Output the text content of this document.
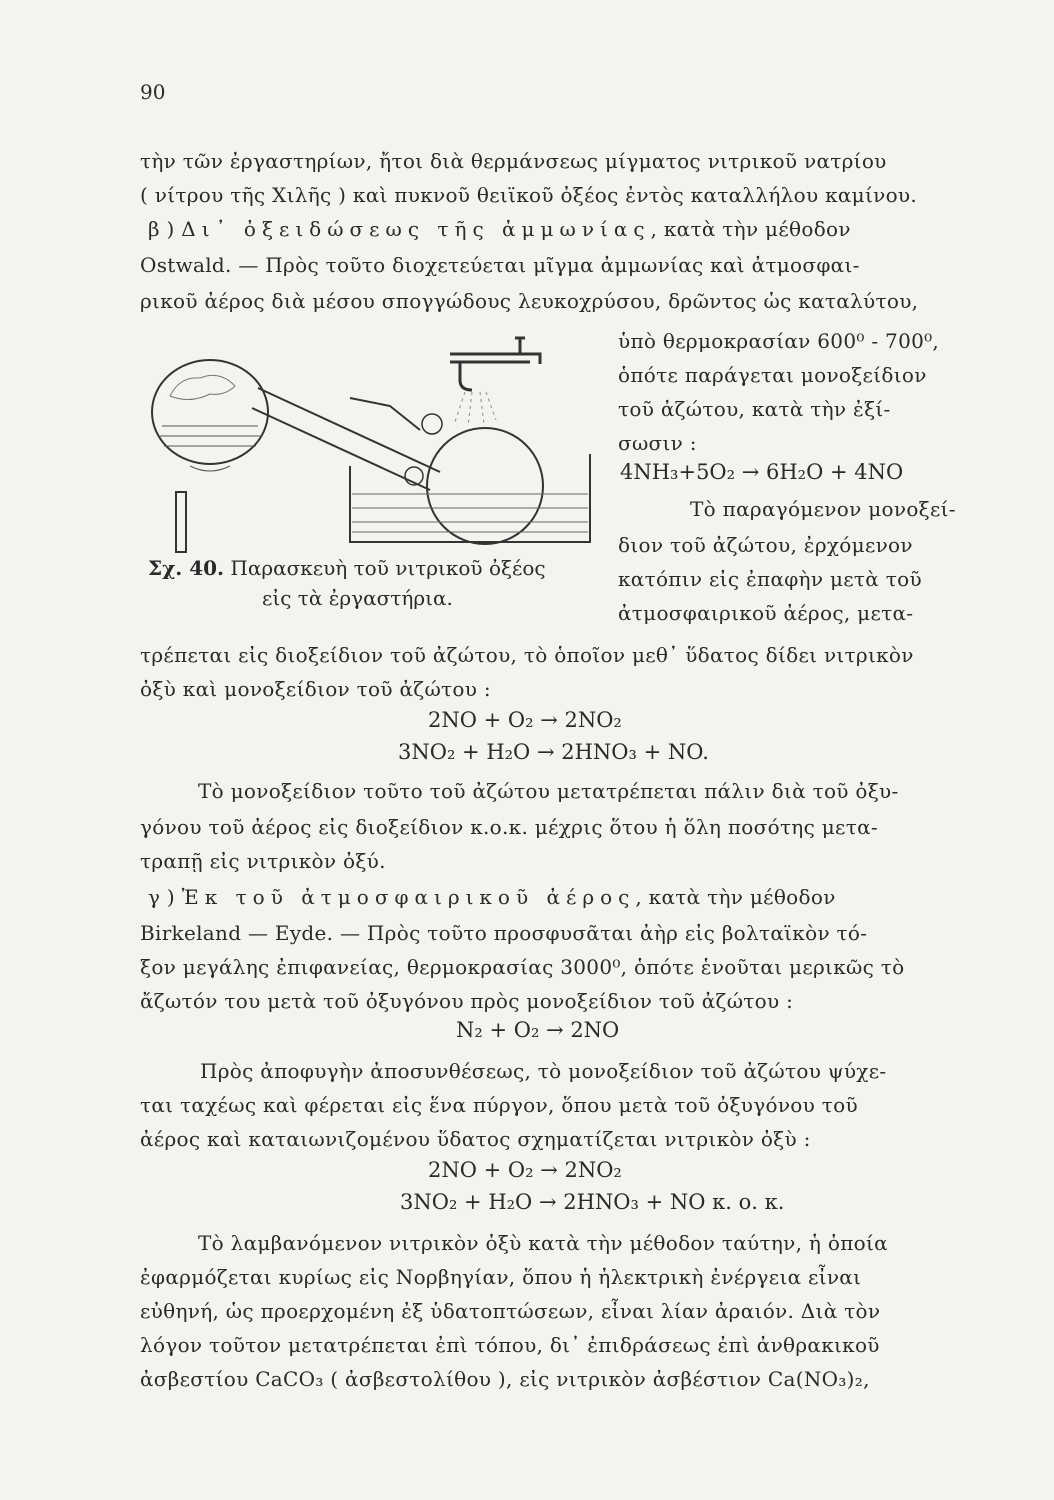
90
τὴν τῶν ἐργαστηρίων, ἤτοι διὰ θερμάνσεως μίγματος νιτρικοῦ νατρίου
( νίτρου τῆς Χιλῆς ) καὶ πυκνοῦ θειϊκοῦ ὀξέος ἐντὸς καταλλήλου καμίνου.
β ) Δι᾽ ὀξειδώσεως τῆς ἀμμωνίας, κατὰ τὴν μέθοδον
Ostwald. — Πρὸς τοῦτο διοχετεύεται μῖγμα ἀμμωνίας καὶ ἀτμοσφαι-
ρικοῦ ἀέρος διὰ μέσου σπογγώδους λευκοχρύσου, δρῶντος ὡς καταλύτου,
ὑπὸ θερμοκρασίαν 600⁰ - 700⁰,
ὁπότε παράγεται μονοξείδιον
τοῦ ἀζώτου, κατὰ τὴν ἐξί-
σωσιν :
4NH₃+5O₂ → 6H₂O + 4NO
Τὸ παραγόμενον μονοξεί-
διον τοῦ ἀζώτου, ἐρχόμενον
κατόπιν εἰς ἐπαφὴν μετὰ τοῦ
ἀτμοσφαιρικοῦ ἀέρος, μετα-
Σχ. 40. Παρασκευὴ τοῦ νιτρικοῦ ὀξέος
εἰς τὰ ἐργαστήρια.
τρέπεται εἰς διοξείδιον τοῦ ἀζώτου, τὸ ὁποῖον μεθ᾽ ὕδατος δίδει νιτρικὸν
ὀξὺ καὶ μονοξείδιον τοῦ ἀζώτου :
2NO + O₂ → 2NO₂
3NO₂ + H₂O → 2HNO₃ + NO.
Τὸ μονοξείδιον τοῦτο τοῦ ἀζώτου μετατρέπεται πάλιν διὰ τοῦ ὀξυ-
γόνου τοῦ ἀέρος εἰς διοξείδιον κ.ο.κ. μέχρις ὅτου ἡ ὅλη ποσότης μετα-
τραπῇ εἰς νιτρικὸν ὀξύ.
γ ) Ἐκ τοῦ ἀτμοσφαιρικοῦ ἀέρος, κατὰ τὴν μέθοδον
Birkeland — Eyde. — Πρὸς τοῦτο προσφυσᾶται ἀὴρ εἰς βολταϊκὸν τό-
ξον μεγάλης ἐπιφανείας, θερμοκρασίας 3000⁰, ὁπότε ἑνοῦται μερικῶς τὸ
ἄζωτόν του μετὰ τοῦ ὀξυγόνου πρὸς μονοξείδιον τοῦ ἀζώτου :
N₂ + O₂ → 2NO
Πρὸς ἀποφυγὴν ἀποσυνθέσεως, τὸ μονοξείδιον τοῦ ἀζώτου ψύχε-
ται ταχέως καὶ φέρεται εἰς ἕνα πύργον, ὅπου μετὰ τοῦ ὀξυγόνου τοῦ
ἀέρος καὶ καταιωνιζομένου ὕδατος σχηματίζεται νιτρικὸν ὀξὺ :
2NO + O₂ → 2NO₂
3NO₂ + H₂O → 2HNO₃ + NO κ. ο. κ.
Τὸ λαμβανόμενον νιτρικὸν ὀξὺ κατὰ τὴν μέθοδον ταύτην, ἡ ὁποία
ἐφαρμόζεται κυρίως εἰς Νορβηγίαν, ὅπου ἡ ἠλεκτρικὴ ἐνέργεια εἶναι
εὐθηνή, ὡς προερχομένη ἐξ ὑδατοπτώσεων, εἶναι λίαν ἀραιόν. Διὰ τὸν
λόγον τοῦτον μετατρέπεται ἐπὶ τόπου, δι᾽ ἐπιδράσεως ἐπὶ ἀνθρακικοῦ
ἀσβεστίου CaCO₃ ( ἀσβεστολίθου ), εἰς νιτρικὸν ἀσβέστιον Ca(NO₃)₂,
